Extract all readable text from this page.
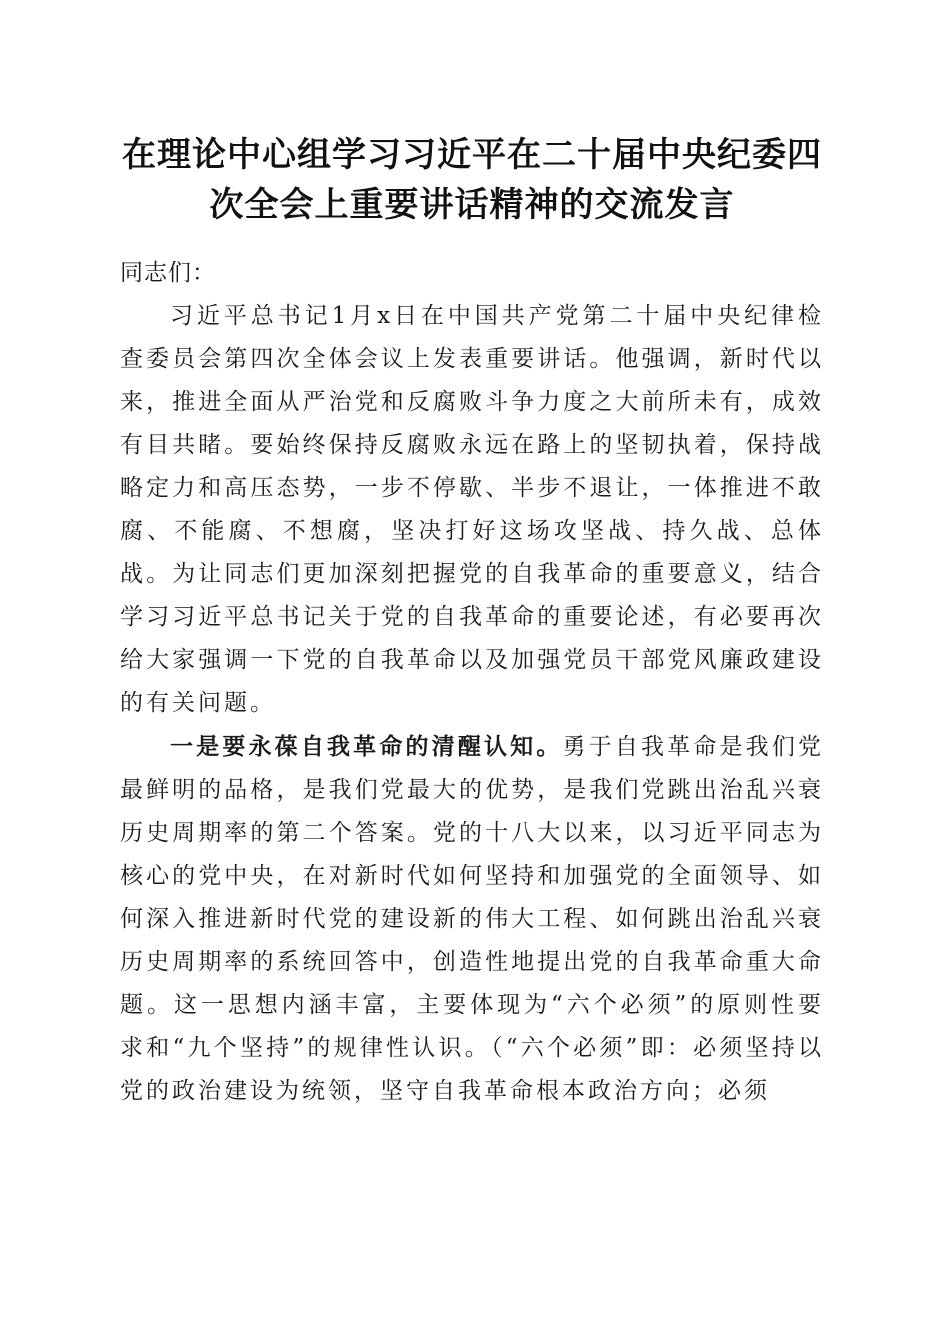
在理论中心组学习习近平在二十届中央纪委四
次全会上重要讲话精神的交流发言

同志们：

习近平总书记1月x日在中国共产党第二十届中央纪律检查委员会第四次全体会议上发表重要讲话。他强调，新时代以来，推进全面从严治党和反腐败斗争力度之大前所未有，成效有目共睹。要始终保持反腐败永远在路上的坚韧执着，保持战略定力和高压态势，一步不停歇、半步不退让，一体推进不敢腐、不能腐、不想腐，坚决打好这场攻坚战、持久战、总体战。为让同志们更加深刻把握党的自我革命的重要意义，结合学习习近平总书记关于党的自我革命的重要论述，有必要再次给大家强调一下党的自我革命以及加强党员干部党风廉政建设的有关问题。

一是要永葆自我革命的清醒认知。勇于自我革命是我们党最鲜明的品格，是我们党最大的优势，是我们党跳出治乱兴衰历史周期率的第二个答案。党的十八大以来，以习近平同志为核心的党中央，在对新时代如何坚持和加强党的全面领导、如何深入推进新时代党的建设新的伟大工程、如何跳出治乱兴衰历史周期率的系统回答中，创造性地提出党的自我革命重大命题。这一思想内涵丰富，主要体现为“六个必须”的原则性要求和“九个坚持”的规律性认识。（“六个必须”即：必须坚持以党的政治建设为统领，坚守自我革命根本政治方向；必须
